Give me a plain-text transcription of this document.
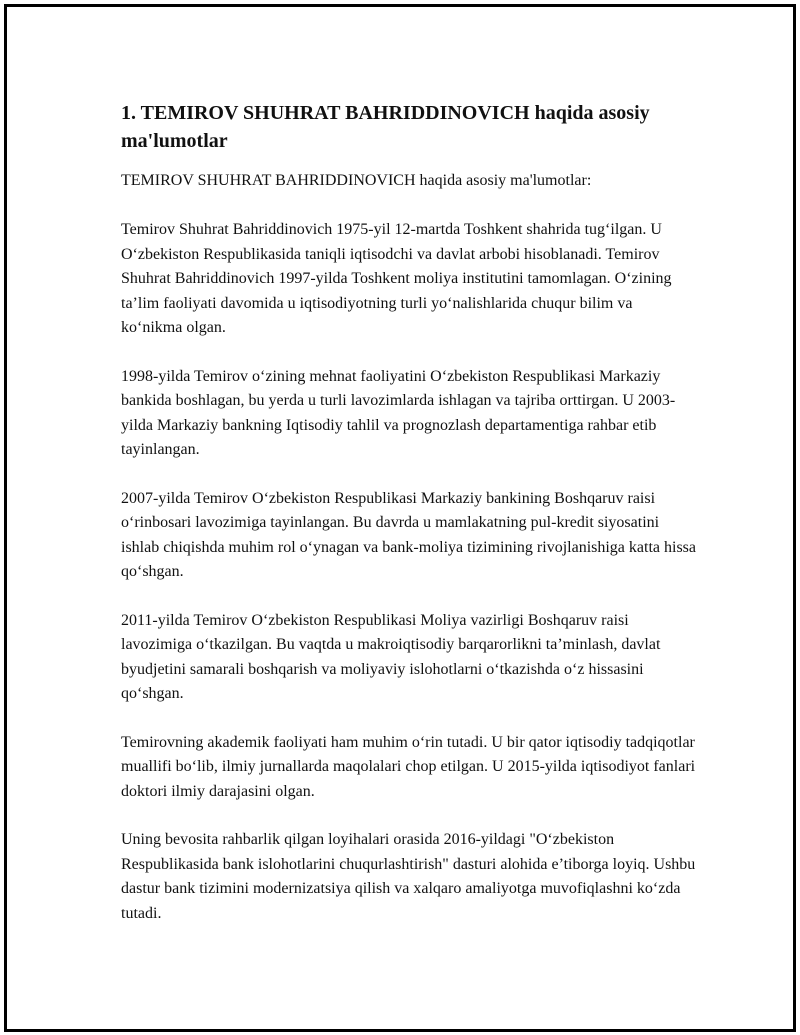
1. TEMIROV SHUHRAT BAHRIDDINOVICH haqida asosiy ma'lumotlar

TEMIROV SHUHRAT BAHRIDDINOVICH haqida asosiy ma'lumotlar:

Temirov Shuhrat Bahriddinovich 1975-yil 12-martda Toshkent shahrida tug‘ilgan. U O‘zbekiston Respublikasida taniqli iqtisodchi va davlat arbobi hisoblanadi. Temirov Shuhrat Bahriddinovich 1997-yilda Toshkent moliya institutini tamomlagan. O‘zining ta’lim faoliyati davomida u iqtisodiyotning turli yo‘nalishlarida chuqur bilim va ko‘nikma olgan.

1998-yilda Temirov o‘zining mehnat faoliyatini O‘zbekiston Respublikasi Markaziy bankida boshlagan, bu yerda u turli lavozimlarda ishlagan va tajriba orttirgan. U 2003-yilda Markaziy bankning Iqtisodiy tahlil va prognozlash departamentiga rahbar etib tayinlangan.

2007-yilda Temirov O‘zbekiston Respublikasi Markaziy bankining Boshqaruv raisi o‘rinbosari lavozimiga tayinlangan. Bu davrda u mamlakatning pul-kredit siyosatini ishlab chiqishda muhim rol o‘ynagan va bank-moliya tizimining rivojlanishiga katta hissa qo‘shgan.

2011-yilda Temirov O‘zbekiston Respublikasi Moliya vazirligi Boshqaruv raisi lavozimiga o‘tkazilgan. Bu vaqtda u makroiqtisodiy barqarorlikni ta’minlash, davlat byudjetini samarali boshqarish va moliyaviy islohotlarni o‘tkazishda o‘z hissasini qo‘shgan.

Temirovning akademik faoliyati ham muhim o‘rin tutadi. U bir qator iqtisodiy tadqiqotlar muallifi bo‘lib, ilmiy jurnallarda maqolalari chop etilgan. U 2015-yilda iqtisodiyot fanlari doktori ilmiy darajasini olgan.

Uning bevosita rahbarlik qilgan loyihalari orasida 2016-yildagi "O‘zbekiston Respublikasida bank islohotlarini chuqurlashtirish" dasturi alohida e’tiborga loyiq. Ushbu dastur bank tizimini modernizatsiya qilish va xalqaro amaliyotga muvofiqlashni ko‘zda tutadi.
